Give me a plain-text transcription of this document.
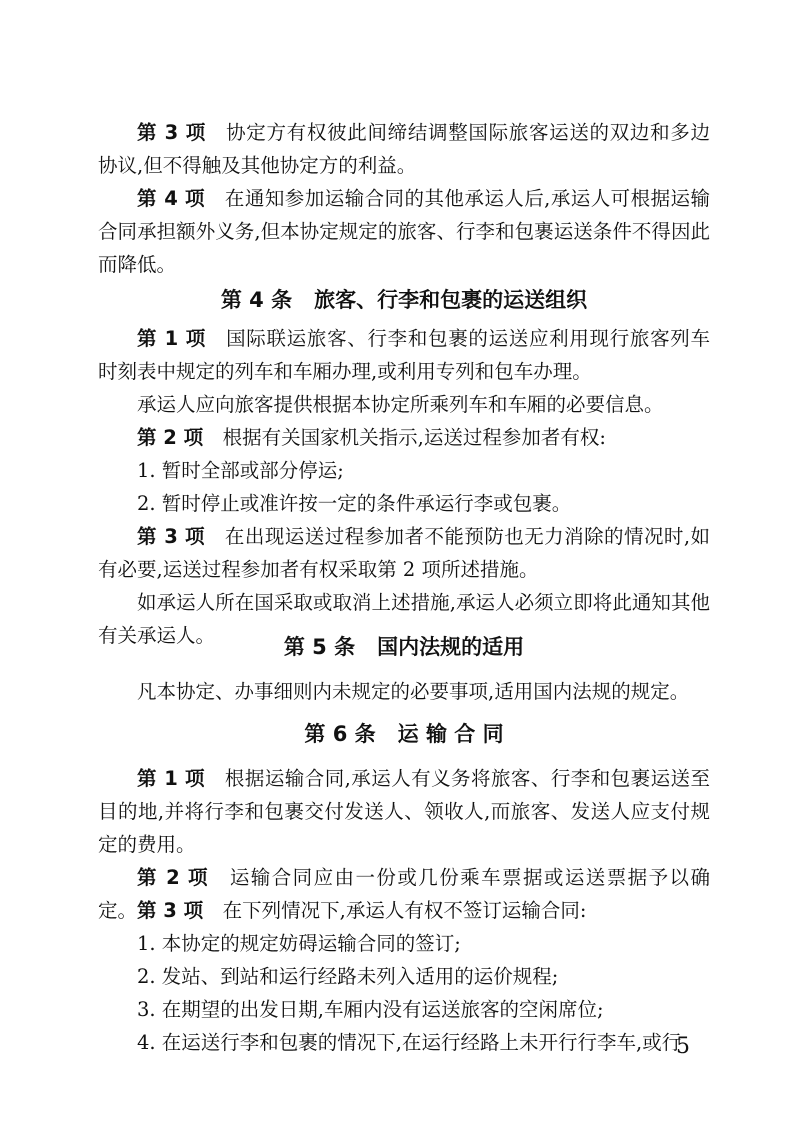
第 3 项  协定方有权彼此间缔结调整国际旅客运送的双边和多边协议,但不得触及其他协定方的利益。

第 4 项  在通知参加运输合同的其他承运人后,承运人可根据运输合同承担额外义务,但本协定规定的旅客、行李和包裹运送条件不得因此而降低。

第 4 条 旅客、行李和包裹的运送组织

第 1 项  国际联运旅客、行李和包裹的运送应利用现行旅客列车时刻表中规定的列车和车厢办理,或利用专列和包车办理。

承运人应向旅客提供根据本协定所乘列车和车厢的必要信息。

第 2 项  根据有关国家机关指示,运送过程参加者有权:

1. 暂时全部或部分停运;

2. 暂时停止或准许按一定的条件承运行李或包裹。

第 3 项  在出现运送过程参加者不能预防也无力消除的情况时,如有必要,运送过程参加者有权采取第 2 项所述措施。

如承运人所在国采取或取消上述措施,承运人必须立即将此通知其他有关承运人。	第 5 条 国内法规的适用

凡本协定、办事细则内未规定的必要事项,适用国内法规的规定。

第 6 条 运 输 合 同

第 1 项  根据运输合同,承运人有义务将旅客、行李和包裹运送至目的地,并将行李和包裹交付发送人、领收人,而旅客、发送人应支付规定的费用。

第 2 项  运输合同应由一份或几份乘车票据或运送票据予以确定。 第 3 项  在下列情况下,承运人有权不签订运输合同:

1. 本协定的规定妨碍运输合同的签订;

2. 发站、到站和运行经路未列入适用的运价规程;

3. 在期望的出发日期,车厢内没有运送旅客的空闲席位;

4. 在运送行李和包裹的情况下,在运行经路上未开行行李车,或行

5
